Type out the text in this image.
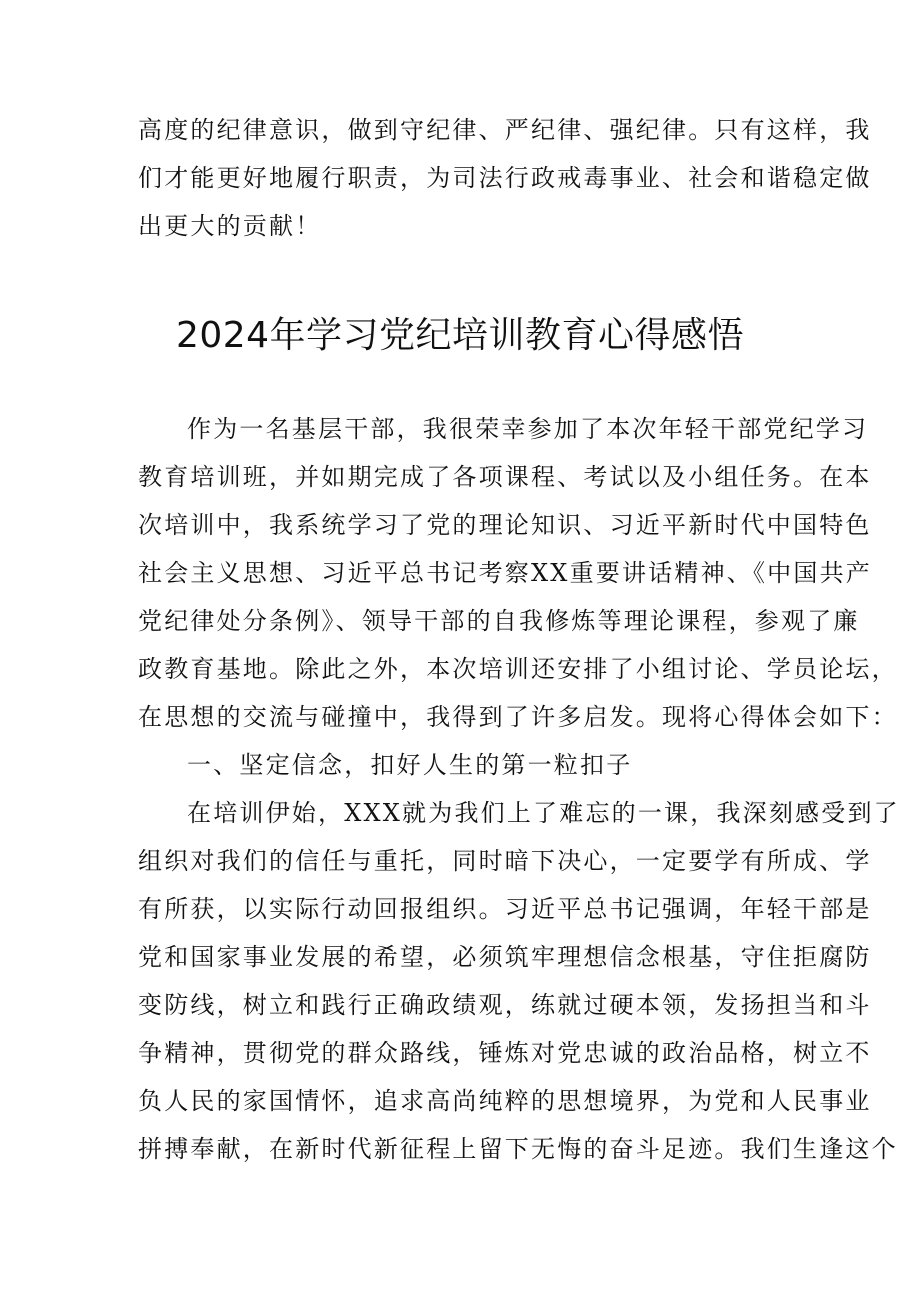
高度的纪律意识，做到守纪律、严纪律、强纪律。只有这样，我
们才能更好地履行职责，为司法行政戒毒事业、社会和谐稳定做
出更大的贡献！
2024年学习党纪培训教育心得感悟
作为一名基层干部，我很荣幸参加了本次年轻干部党纪学习
教育培训班，并如期完成了各项课程、考试以及小组任务。在本
次培训中，我系统学习了党的理论知识、习近平新时代中国特色
社会主义思想、习近平总书记考察XX重要讲话精神、《中国共产
党纪律处分条例》、领导干部的自我修炼等理论课程，参观了廉
政教育基地。除此之外，本次培训还安排了小组讨论、学员论坛，
在思想的交流与碰撞中，我得到了许多启发。现将心得体会如下：
一、坚定信念，扣好人生的第一粒扣子
在培训伊始，XXX就为我们上了难忘的一课，我深刻感受到了
组织对我们的信任与重托，同时暗下决心，一定要学有所成、学
有所获，以实际行动回报组织。习近平总书记强调，年轻干部是
党和国家事业发展的希望，必须筑牢理想信念根基，守住拒腐防
变防线，树立和践行正确政绩观，练就过硬本领，发扬担当和斗
争精神，贯彻党的群众路线，锤炼对党忠诚的政治品格，树立不
负人民的家国情怀，追求高尚纯粹的思想境界，为党和人民事业
拼搏奉献，在新时代新征程上留下无悔的奋斗足迹。我们生逢这个
